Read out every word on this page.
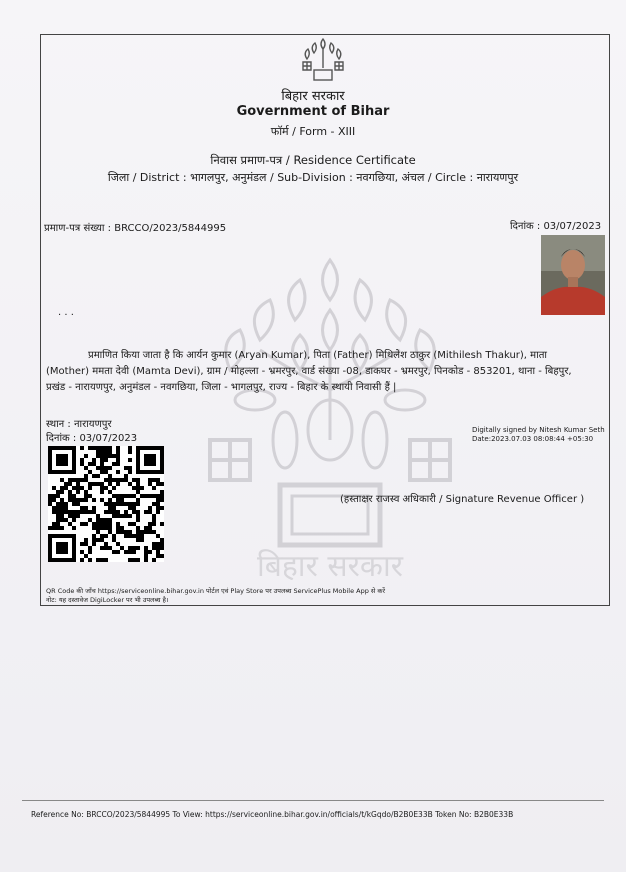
बिहार सरकार
बिहार सरकार
Government of Bihar
फॉर्म / Form - XIII
निवास प्रमाण-पत्र / Residence Certificate
जिला / District : भागलपुर, अनुमंडल / Sub-Division : नवगछिया, अंचल / Circle : नारायणपुर
प्रमाण-पत्र संख्या : BRCCO/2023/5844995	दिनांक : 03/07/2023
. . .
प्रमाणित किया जाता है कि आर्यन कुमार (Aryan Kumar), पिता (Father) मिथिलेश ठाकुर (Mithilesh Thakur), माता
(Mother) ममता देवी (Mamta Devi), ग्राम / मोहल्ला - भ्रमरपुर, वार्ड संख्या -08, डाकघर - भ्रमरपुर, पिनकोड - 853201, थाना - बिहपुर,
प्रखंड - नारायणपुर, अनुमंडल - नवगछिया, जिला - भागलपुर, राज्य - बिहार के स्थायी निवासी हैं |
स्थान : नारायणपुर
दिनांक : 03/07/2023
Digitally signed by Nitesh Kumar Seth
Date:2023.07.03 08:08:44 +05:30
(हस्ताक्षर राजस्व अधिकारी / Signature Revenue Officer )
QR Code की जाँच https://serviceonline.bihar.gov.in पोर्टल एवं Play Store पर उपलब्ध ServicePlus Mobile App से करें
नोट: यह दस्तावेज DigiLocker पर भी उपलब्ध है।
Reference No: BRCCO/2023/5844995 To View: https://serviceonline.bihar.gov.in/officials/t/kGqdo/B2B0E33B Token No: B2B0E33B
